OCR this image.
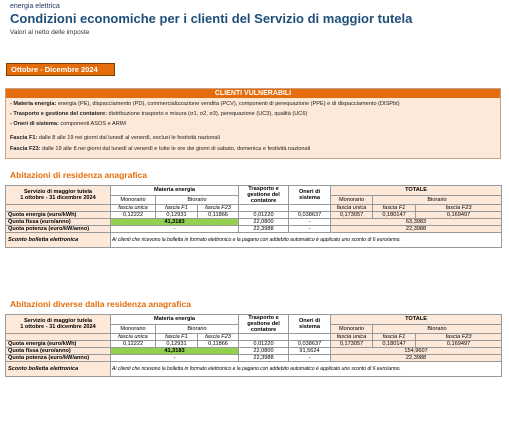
energia elettrica
Condizioni economiche per i clienti del Servizio di maggior tutela
Valori al netto delle imposte
Ottobre - Dicembre 2024
CLIENTI VULNERABILI
- Materia energia: energia (PE), dispacciamento (PD), commercializzazione vendita (PCV), componenti di perequazione (PPE) e di dispacciamento (DISPbt)
- Trasporto e gestione del contatore: distribuzione trasporto e misura (σ1, σ2, σ3), perequazione (UC3), qualità (UC6)
- Oneri di sistema: componenti ASOS e ARIM
Fascia F1: dalle 8 alle 19 nei giorni dal lunedì al venerdì, esclusi le festività nazionali
Fascia F23: dalle 19 alle 8 nei giorni dal lunedì al venerdì e tutte le ore dei giorni di sabato, domenica e festività nazionali
Abitazioni di residenza anagrafica
Servizio di maggior tutela
1 ottobre - 31 dicembre 2024	Materia energia			Trasporto e gestione del contatore	Oneri di sistema	TOTALE		
	Monorario	Biorario				Monorario	Biorario	
	fascia unica	fascia F1	fascia F23			fascia unica	fascia F1	fascia F23
Quota energia (euro/kWh)	0,12222	0,12931	0,11866	0,01220	0,038637	0,173057	0,180147	0,169497
Quota fissa (euro/anno)	41,3183			22,0800	-	63,3983		
Quota potenza (euro/kW/anno)	-			22,3988	-	22,3988		
Sconto bolletta elettronica	Ai clienti che ricevono la bolletta in formato elettronico e la pagano con addebito automatico è applicato uno sconto di 6 euro/anno.							
Abitazioni diverse dalla residenza anagrafica
Servizio di maggior tutela
1 ottobre - 31 dicembre 2024	Materia energia			Trasporto e gestione del contatore	Oneri di sistema	TOTALE		
	Monorario	Biorario				Monorario	Biorario	
	fascia unica	fascia F1	fascia F23			fascia unica	fascia F1	fascia F23
Quota energia (euro/kWh)	0,12222	0,12931	0,11866	0,01220	0,038637	0,173057	0,180147	0,169497
Quota fissa (euro/anno)	41,3183			22,0800	91,5624	154,9607		
Quota potenza (euro/kW/anno)	-			22,3988	-	22,3988		
Sconto bolletta elettronica	Ai clienti che ricevono la bolletta in formato elettronico e la pagano con addebito automatico è applicato uno sconto di 6 euro/anno.							
